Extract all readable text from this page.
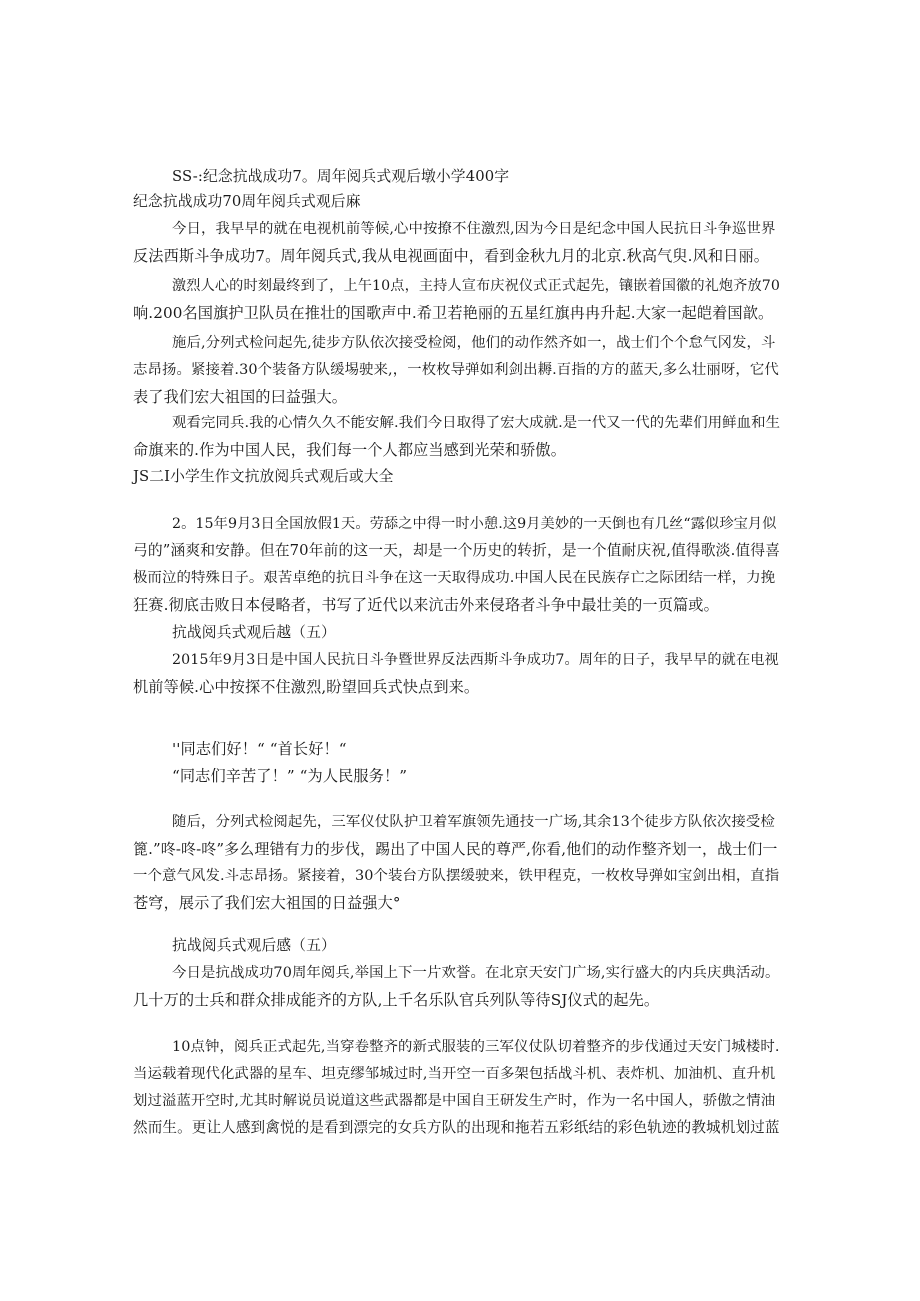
SS-:纪念抗战成功7。周年阅兵式观后墩小学400字
纪念抗战成功70周年阅兵式观后麻
今日，我早早的就在电视机前等候,心中按撩不住激烈,因为今日是纪念中国人民抗日斗争巡世界
反法西斯斗争成功7。周年阅兵式,我从电视画面中，看到金秋九月的北京.秋高气臾.风和日丽。
激烈人心的时刻最终到了，上午10点，主持人宣布庆祝仪式正式起先，镶嵌着国徽的礼炮齐放70
响.200名国旗护卫队员在推壮的国歌声中.希卫若艳丽的五星红旗冉冉升起.大家一起皑着国歆。
施后,分列式检问起先,徒步方队依次接受检阅，他们的动作然齐如一，战士们个个怠气冈发，斗
志昂扬。紧接着.30个装备方队缓埸驶来,，一枚枚导弹如利剑出耨.百指的方的蓝天,多么壮丽呀，它代
表了我们宏大祖国的曰益强大。
观看完同兵.我的心情久久不能安解.我们今日取得了宏大成就.是一代又一代的先辈们用鲜血和生
命旗来的.作为中国人民，我们每一个人都应当感到光荣和骄傲。
JS二I小学生作文抗放阅兵式观后或大全
2。15年9月3日全国放假1天。劳舔之中得一时小憩.这9月美妙的一天倒也有几丝“露似珍宝月似
弓的”涵爽和安静。但在70年前的这一天，却是一个历史的转折，是一个值耐庆祝,值得歌淡.值得喜
极而泣的特殊日子。艰苦卓绝的抗日斗争在这一天取得成功.中国人民在民族存亡之际团结一样，力挽
狂赛.彻底击败日本侵略者，书写了近代以来沆击外来侵珞者斗争中最壮美的一页篇或。
抗战阅兵式观后越（五）
2015年9月3日是中国人民抗日斗争暨世界反法西斯斗争成功7。周年的日子，我早早的就在电视
机前等候.心中按探不住激烈,盼望回兵式快点到来。
''同志们好！“ “首长好！“
“同志们辛苦了！” “为人民服务！”
随后，分列式检阅起先，三军仪仗队护卫着军旗领先通技一广场,其余13个徒步方队依次接受检
篦.”咚-咚-咚”多么理错有力的步伐，踢出了中国人民的尊严,你看,他们的动作整齐划一，战士们一
一个意气风发.斗志昂扬。紧接着，30个装台方队摆缓驶来，铁甲程克，一枚枚导弹如宝剑出相，直指
苍穹，展示了我们宏大祖国的日益强大°
抗战阅兵式观后感（五）
今日是抗战成功70周年阅兵,举国上下一片欢誉。在北京天安门广场,实行盛大的内兵庆典活动。
几十万的士兵和群众排成能齐的方队,上千名乐队官兵列队等待SJ仪式的起先。
10点钟，阅兵正式起先,当穿卷整齐的新式服装的三军仪仗队切着整齐的步伐通过天安门城楼时.
当运载着现代化武器的星车、坦克缪邹城过时,当开空一百多架包括战斗机、表炸机、加油机、直升机
划过溢蓝开空时,尤其时解说员说道这些武器都是中国自王研发生产时，作为一名中国人，骄傲之情油
然而生。更让人感到禽悦的是看到漂完的女兵方队的出现和拖若五彩纸结的彩色轨迹的教城机划过蓝
